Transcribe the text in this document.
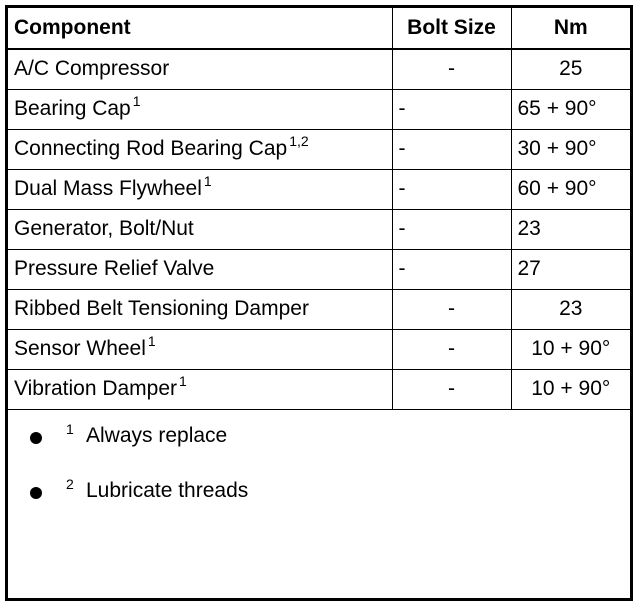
Component	Bolt Size	Nm
A/C Compressor	-	25
Bearing Cap $^1$	-	65 + 90°
Connecting Rod Bearing Cap $^{1,2}$	-	30 + 90°
Dual Mass Flywheel $^1$	-	60 + 90°
Generator, Bolt/Nut	-	23
Pressure Relief Valve	-	27
Ribbed Belt Tensioning Damper	-	23
Sensor Wheel $^1$	-	10 + 90°
Vibration Damper $^1$	-	10 + 90°
1 Always replace
2 Lubricate threads
